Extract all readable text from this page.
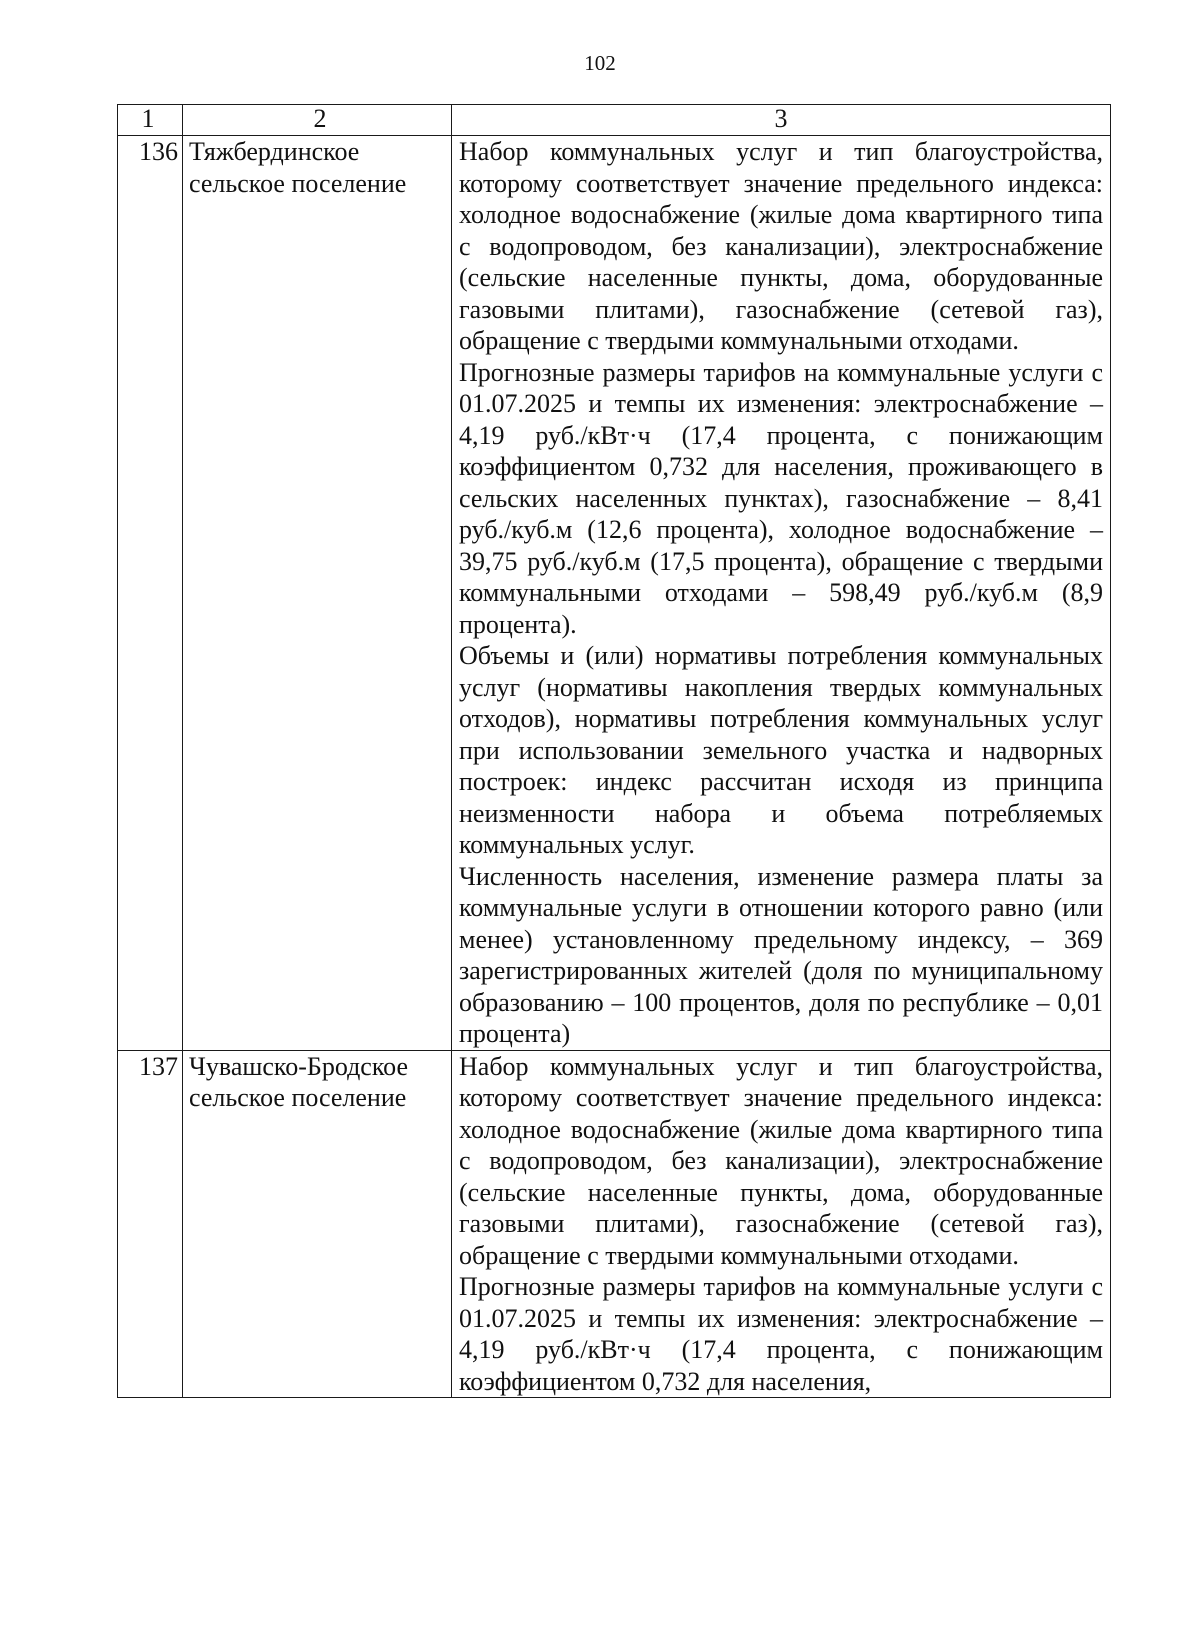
102
1	2	3
136	Тяжбердинское сельское поселение	Набор коммунальных услуг и тип благоустройства, которому соответствует значение предельного индекса: холодное водоснабжение (жилые дома квартирного типа с водопроводом, без канализации), электроснабжение (сельские населенные пункты, дома, оборудованные газовыми плитами), газоснабжение (сетевой газ), обращение с твердыми коммунальными отходами.

Прогнозные размеры тарифов на коммунальные услуги с 01.07.2025 и темпы их изменения: электроснабжение – 4,19 руб./кВт·ч (17,4 процента, с понижающим коэффициентом 0,732 для населения, проживающего в сельских населенных пунктах), газоснабжение – 8,41 руб./куб.м (12,6 процента), холодное водоснабжение – 39,75 руб./куб.м (17,5 процента), обращение с твердыми коммунальными отходами – 598,49 руб./куб.м (8,9 процента).

Объемы и (или) нормативы потребления коммунальных услуг (нормативы накопления твердых коммунальных отходов), нормативы потребления коммунальных услуг при использовании земельного участка и надворных построек: индекс рассчитан исходя из принципа неизменности набора и объема потребляемых коммунальных услуг.

Численность населения, изменение размера платы за коммунальные услуги в отношении которого равно (или менее) установленному предельному индексу, – 369 зарегистрированных жителей (доля по муниципальному образованию – 100 процентов, доля по республике – 0,01 процента)

137	Чувашско-Бродское сельское поселение	Набор коммунальных услуг и тип благоустройства, которому соответствует значение предельного индекса: холодное водоснабжение (жилые дома квартирного типа с водопроводом, без канализации), электроснабжение (сельские населенные пункты, дома, оборудованные газовыми плитами), газоснабжение (сетевой газ), обращение с твердыми коммунальными отходами.

Прогнозные размеры тарифов на коммунальные услуги с 01.07.2025 и темпы их изменения: электроснабжение – 4,19 руб./кВт·ч (17,4 процента, с понижающим коэффициентом 0,732 для населения,
